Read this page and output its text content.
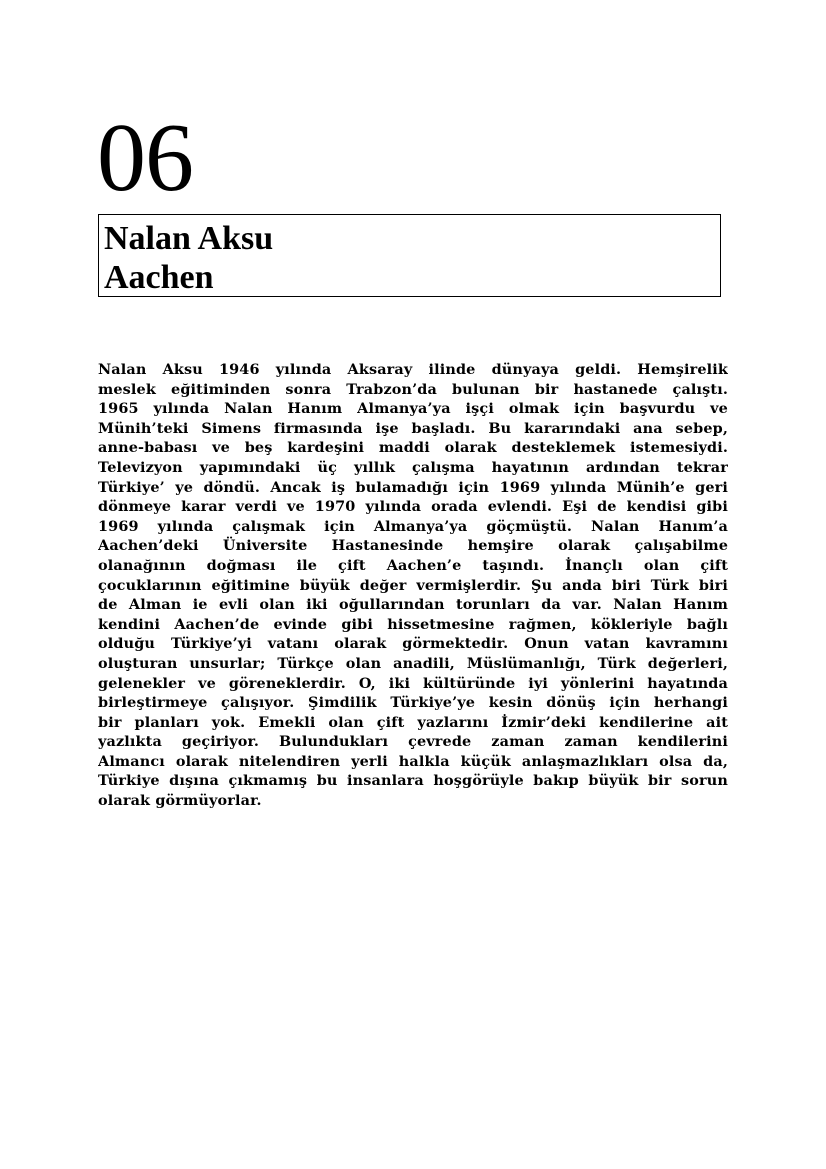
06
Nalan Aksu
Aachen
Nalan Aksu 1946 yılında Aksaray ilinde dünyaya geldi. Hemşirelik
meslek eğitiminden sonra Trabzon’da bulunan bir hastanede çalıştı.
1965 yılında Nalan Hanım Almanya’ya işçi olmak için başvurdu ve
Münih’teki Simens firmasında işe başladı. Bu kararındaki ana sebep,
anne-babası ve beş kardeşini maddi olarak desteklemek istemesiydi.
Televizyon yapımındaki üç yıllık çalışma hayatının ardından tekrar
Türkiye’ ye döndü. Ancak iş bulamadığı için 1969 yılında Münih’e geri
dönmeye karar verdi ve 1970 yılında orada evlendi. Eşi de kendisi gibi
1969 yılında çalışmak için Almanya’ya göçmüştü. Nalan Hanım’a
Aachen’deki Üniversite Hastanesinde hemşire olarak çalışabilme
olanağının doğması ile çift Aachen’e taşındı. İnançlı olan çift
çocuklarının eğitimine büyük değer vermişlerdir. Şu anda biri Türk biri
de Alman ie evli olan iki oğullarından torunları da var. Nalan Hanım
kendini Aachen’de evinde gibi hissetmesine rağmen, kökleriyle bağlı
olduğu Türkiye’yi vatanı olarak görmektedir. Onun vatan kavramını
oluşturan unsurlar; Türkçe olan anadili, Müslümanlığı, Türk değerleri,
gelenekler ve göreneklerdir. O, iki kültüründe iyi yönlerini hayatında
birleştirmeye çalışıyor. Şimdilik Türkiye’ye kesin dönüş için herhangi
bir planları yok. Emekli olan çift yazlarını İzmir’deki kendilerine ait
yazlıkta geçiriyor. Bulundukları çevrede zaman zaman kendilerini
Almancı olarak nitelendiren yerli halkla küçük anlaşmazlıkları olsa da,
Türkiye dışına çıkmamış bu insanlara hoşgörüyle bakıp büyük bir sorun
olarak görmüyorlar.
